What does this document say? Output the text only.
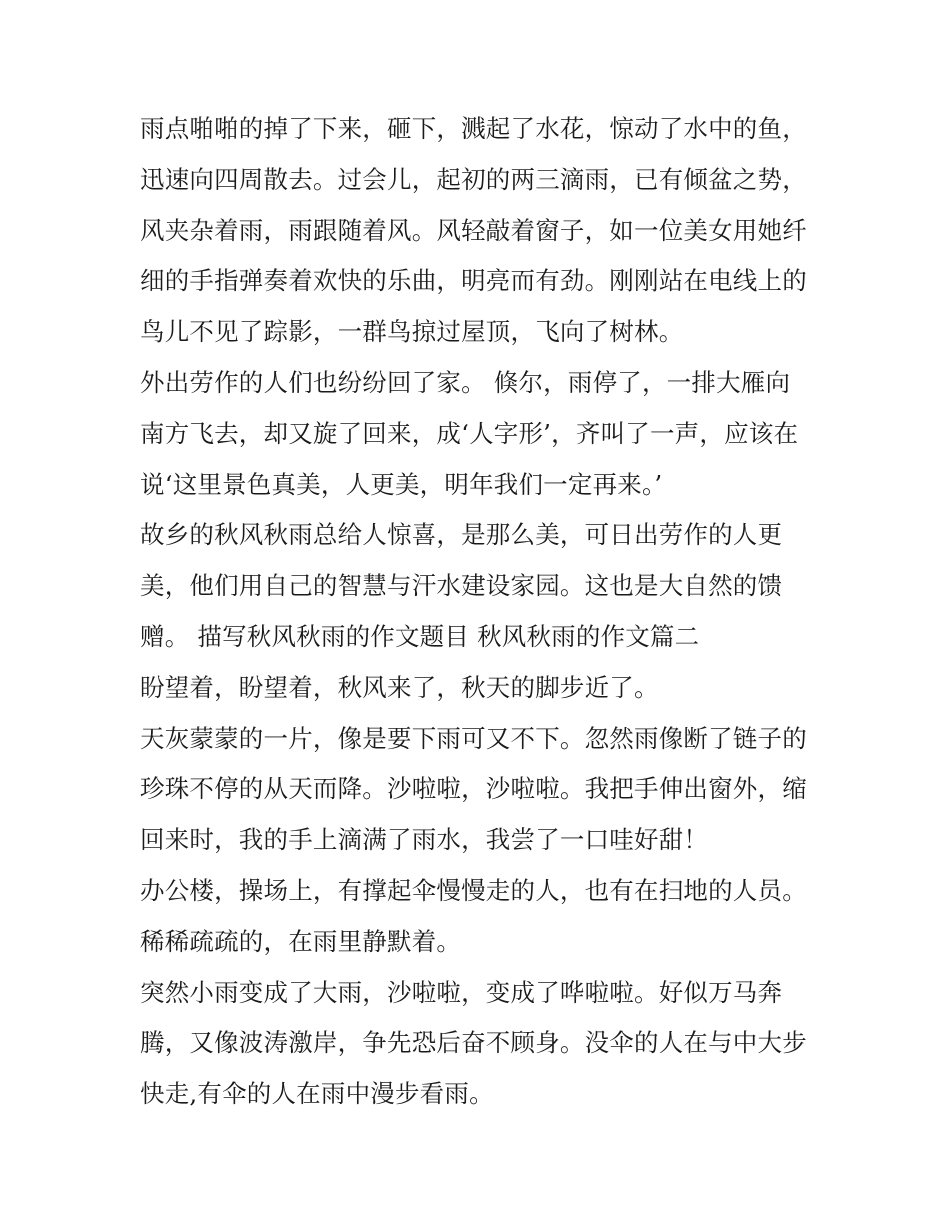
雨点啪啪的掉了下来，砸下，溅起了水花，惊动了水中的鱼，
迅速向四周散去。过会儿，起初的两三滴雨，已有倾盆之势，
风夹杂着雨，雨跟随着风。风轻敲着窗子，如一位美女用她纤
细的手指弹奏着欢快的乐曲，明亮而有劲。刚刚站在电线上的
鸟儿不见了踪影，一群鸟掠过屋顶，飞向了树林。
外出劳作的人们也纷纷回了家。 倏尔，雨停了，一排大雁向
南方飞去，却又旋了回来，成‘人字形’，齐叫了一声，应该在
说‘这里景色真美，人更美，明年我们一定再来。’
故乡的秋风秋雨总给人惊喜，是那么美，可日出劳作的人更
美，他们用自己的智慧与汗水建设家园。这也是大自然的馈
赠。 描写秋风秋雨的作文题目 秋风秋雨的作文篇二
盼望着，盼望着，秋风来了，秋天的脚步近了。
天灰蒙蒙的一片，像是要下雨可又不下。忽然雨像断了链子的
珍珠不停的从天而降。沙啦啦，沙啦啦。我把手伸出窗外，缩
回来时，我的手上滴满了雨水，我尝了一口哇好甜！
办公楼，操场上，有撑起伞慢慢走的人，也有在扫地的人员。
稀稀疏疏的，在雨里静默着。
突然小雨变成了大雨，沙啦啦，变成了哗啦啦。好似万马奔
腾，又像波涛激岸，争先恐后奋不顾身。没伞的人在与中大步
快走,有伞的人在雨中漫步看雨。
